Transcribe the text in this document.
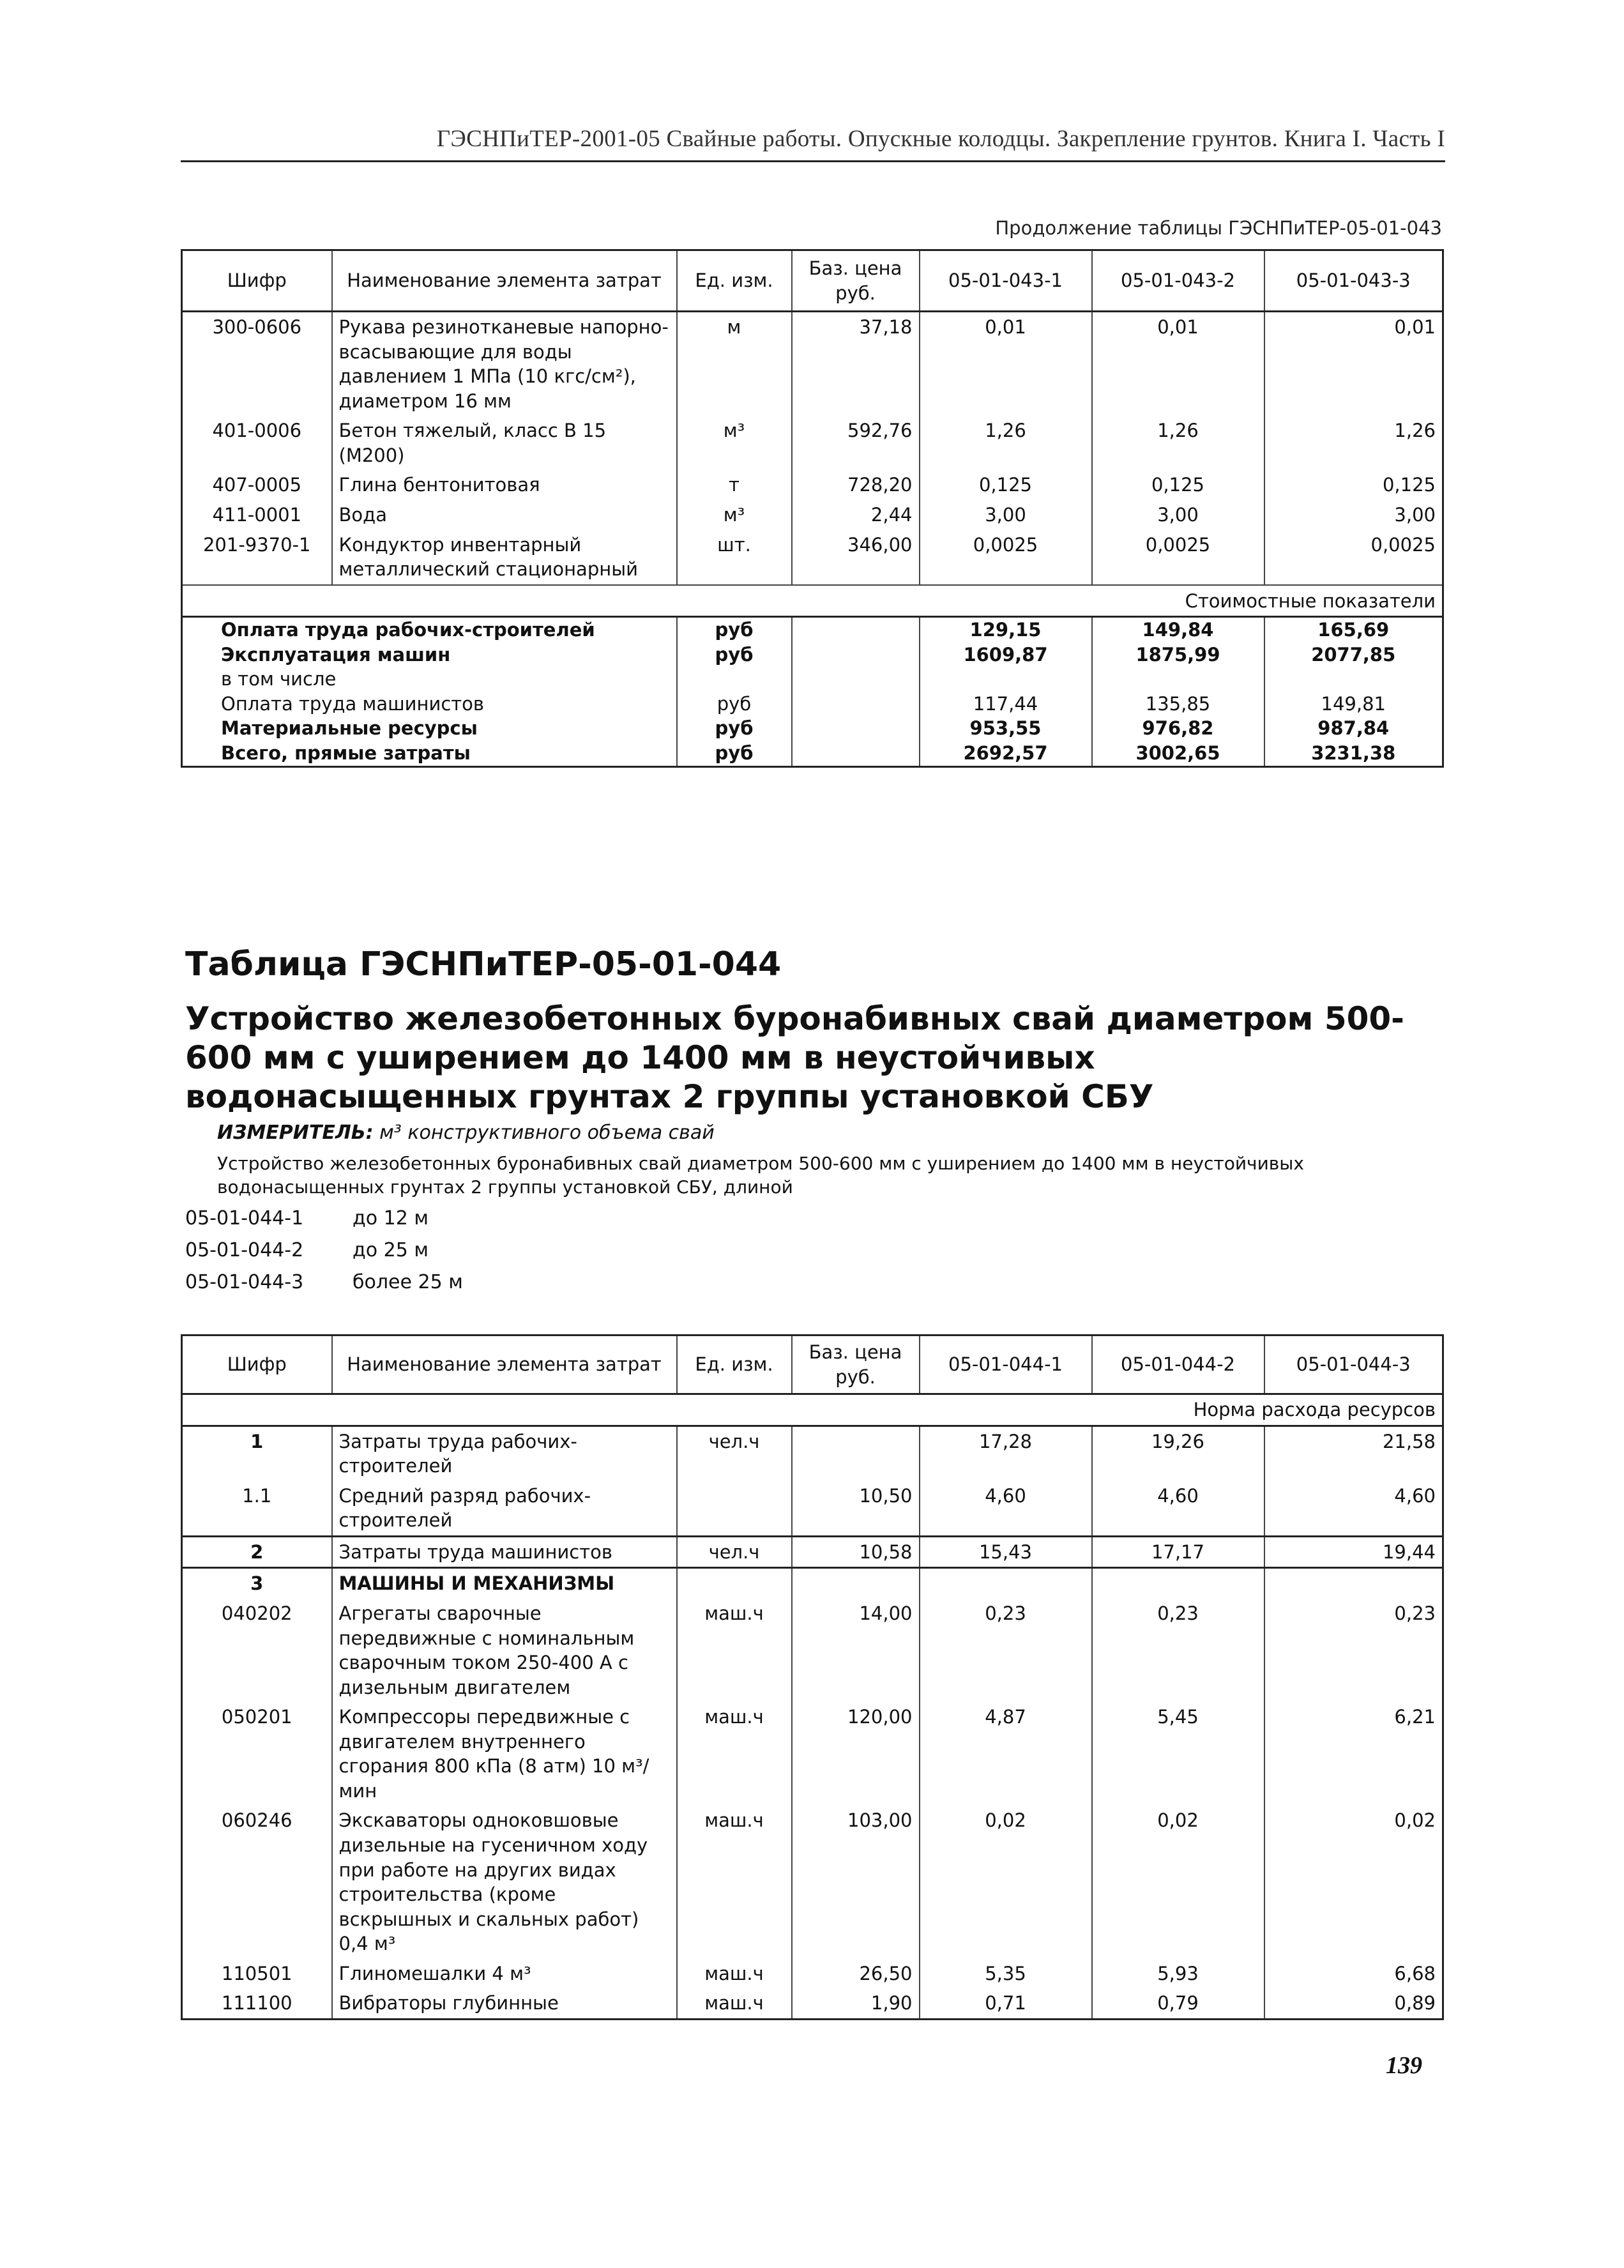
ГЭСНПиТЕР-2001-05 Свайные работы. Опускные колодцы. Закрепление грунтов. Книга I. Часть I
Продолжение таблицы ГЭСНПиТЕР-05-01-043
Шифр	Наименование элемента затрат	Ед. изм.	Баз. цена руб.	05-01-043-1	05-01-043-2	05-01-043-3
300-0606	Рукава резинотканевые напорно-всасывающие для воды давлением 1 МПа (10 кгс/см²), диаметром 16 мм	м	37,18	0,01	0,01	0,01
401-0006	Бетон тяжелый, класс В 15 (М200)	м³	592,76	1,26	1,26	1,26
407-0005	Глина бентонитовая	т	728,20	0,125	0,125	0,125
411-0001	Вода	м³	2,44	3,00	3,00	3,00
201-9370-1	Кондуктор инвентарный металлический стационарный	шт.	346,00	0,0025	0,0025	0,0025
Стоимостные показатели						
Оплата труда рабочих-строителей		руб		129,15	149,84	165,69
Эксплуатация машин		руб		1609,87	1875,99	2077,85
в том числе						
Оплата труда машинистов		руб		117,44	135,85	149,81
Материальные ресурсы		руб		953,55	976,82	987,84
Всего, прямые затраты		руб		2692,57	3002,65	3231,38
Таблица ГЭСНПиТЕР-05-01-044
Устройство железобетонных буронабивных свай диаметром 500-600 мм с уширением до 1400 мм в неустойчивых водонасыщенных грунтах 2 группы установкой СБУ
ИЗМЕРИТЕЛЬ: м³ конструктивного объема свай
Устройство железобетонных буронабивных свай диаметром 500-600 мм с уширением до 1400 мм в неустойчивых водонасыщенных грунтах 2 группы установкой СБУ, длиной
05-01-044-1	до 12 м
05-01-044-2	до 25 м
05-01-044-3	более 25 м
Шифр	Наименование элемента затрат	Ед. изм.	Баз. цена руб.	05-01-044-1	05-01-044-2	05-01-044-3
Норма расхода ресурсов						
1	Затраты труда рабочих-строителей	чел.ч		17,28	19,26	21,58
1.1	Средний разряд рабочих-строителей		10,50	4,60	4,60	4,60
2	Затраты труда машинистов	чел.ч	10,58	15,43	17,17	19,44
3	МАШИНЫ И МЕХАНИЗМЫ					
040202	Агрегаты сварочные передвижные с номинальным сварочным током 250-400 А с дизельным двигателем	маш.ч	14,00	0,23	0,23	0,23
050201	Компрессоры передвижные с двигателем внутреннего сгорания 800 кПа (8 атм) 10 м³/мин	маш.ч	120,00	4,87	5,45	6,21
060246	Экскаваторы одноковшовые дизельные на гусеничном ходу при работе на других видах строительства (кроме вскрышных и скальных работ) 0,4 м³	маш.ч	103,00	0,02	0,02	0,02
110501	Глиномешалки 4 м³	маш.ч	26,50	5,35	5,93	6,68
111100	Вибраторы глубинные	маш.ч	1,90	0,71	0,79	0,89
139
